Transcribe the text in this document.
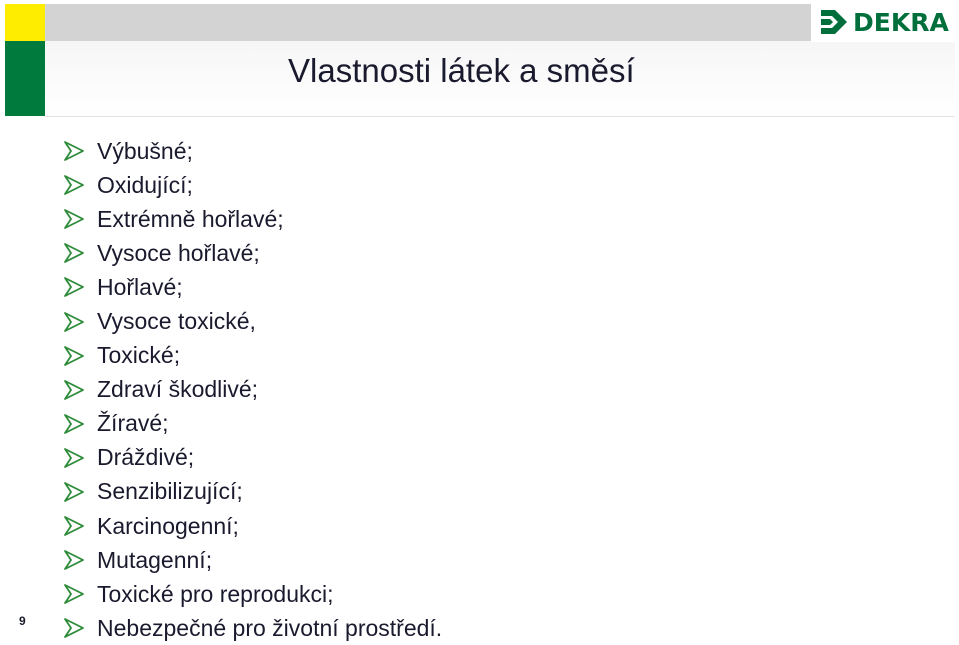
DEKRA
Vlastnosti látek a směsí
Výbušné;
Oxidující;
Extrémně hořlavé;
Vysoce hořlavé;
Hořlavé;
Vysoce toxické,
Toxické;
Zdraví škodlivé;
Žíravé;
Dráždivé;
Senzibilizující;
Karcinogenní;
Mutagenní;
Toxické pro reprodukci;
Nebezpečné pro životní prostředí.
9
